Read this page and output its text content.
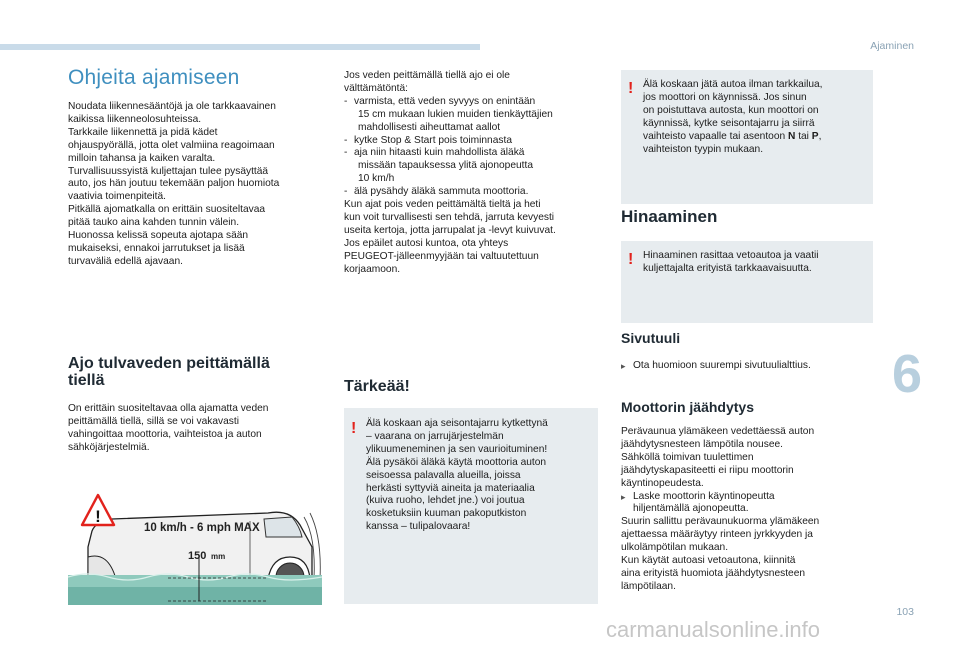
Ajaminen
Ohjeita ajamiseen

Noudata liikennesääntöjä ja ole tarkkaavainen

kaikissa liikenneolosuhteissa.

Tarkkaile liikennettä ja pidä kädet

ohjauspyörällä, jotta olet valmiina reagoimaan

milloin tahansa ja kaiken varalta.

Turvallisuussyistä kuljettajan tulee pysäyttää

auto, jos hän joutuu tekemään paljon huomiota

vaativia toimenpiteitä.

Pitkällä ajomatkalla on erittäin suositeltavaa

pitää tauko aina kahden tunnin välein.

Huonossa kelissä sopeuta ajotapa sään

mukaiseksi, ennakoi jarrutukset ja lisää

turvaväliä edellä ajavaan.

Ajo tulvaveden peittämällä
tiellä

On erittäin suositeltavaa olla ajamatta veden

peittämällä tiellä, sillä se voi vakavasti

vahingoittaa moottoria, vaihteistoa ja auton

sähköjärjestelmiä.

!
10 km/h - 6 mph MAX
150 mm

Jos veden peittämällä tiellä ajo ei ole

välttämätöntä:

- varmista, että veden syvyys on enintään
15 cm mukaan lukien muiden tienkäyttäjien
mahdollisesti aiheuttamat aallot
- kytke Stop & Start pois toiminnasta
- aja niin hitaasti kuin mahdollista äläkä
missään tapauksessa ylitä ajonopeutta
10 km/h
- älä pysähdy äläkä sammuta moottoria.

Kun ajat pois veden peittämältä tieltä ja heti

kun voit turvallisesti sen tehdä, jarruta kevyesti

useita kertoja, jotta jarrupalat ja -levyt kuivuvat.

Jos epäilet autosi kuntoa, ota yhteys

PEUGEOT-jälleenmyyjään tai valtuutettuun

korjaamoon.

Tärkeää!
! Älä koskaan aja seisontajarru kytkettynä

– vaarana on jarrujärjestelmän

ylikuumeneminen ja sen vaurioituminen!

Älä pysäköi äläkä käytä moottoria auton

seisoessa palavalla alueilla, joissa

herkästi syttyviä aineita ja materiaalia

(kuiva ruoho, lehdet jne.) voi joutua

kosketuksiin kuuman pakoputkiston

kanssa – tulipalovaara!

! Älä koskaan jätä autoa ilman tarkkailua,

jos moottori on käynnissä. Jos sinun

on poistuttava autosta, kun moottori on

käynnissä, kytke seisontajarru ja siirrä

vaihteisto vapaalle tai asentoon N tai P,

vaihteiston tyypin mukaan.

Hinaaminen
! Hinaaminen rasittaa vetoautoa ja vaatii

kuljettajalta erityistä tarkkaavaisuutta.

Sivutuuli
▸ Ota huomioon suurempi sivutuulialttius.
Moottorin jäähdytys

Perävaunua ylämäkeen vedettäessä auton

jäähdytysnesteen lämpötila nousee.

Sähköllä toimivan tuulettimen

jäähdytyskapasiteetti ei riipu moottorin

käyntinopeudesta.

▸ Laske moottorin käyntinopeutta
hiljentämällä ajonopeutta.

Suurin sallittu perävaunukuorma ylämäkeen

ajettaessa määräytyy rinteen jyrkkyyden ja

ulkolämpötilan mukaan.

Kun käytät autoasi vetoautona, kiinnitä

aina erityistä huomiota jäähdytysnesteen

lämpötilaan.

6
103
carmanualsonline.info
